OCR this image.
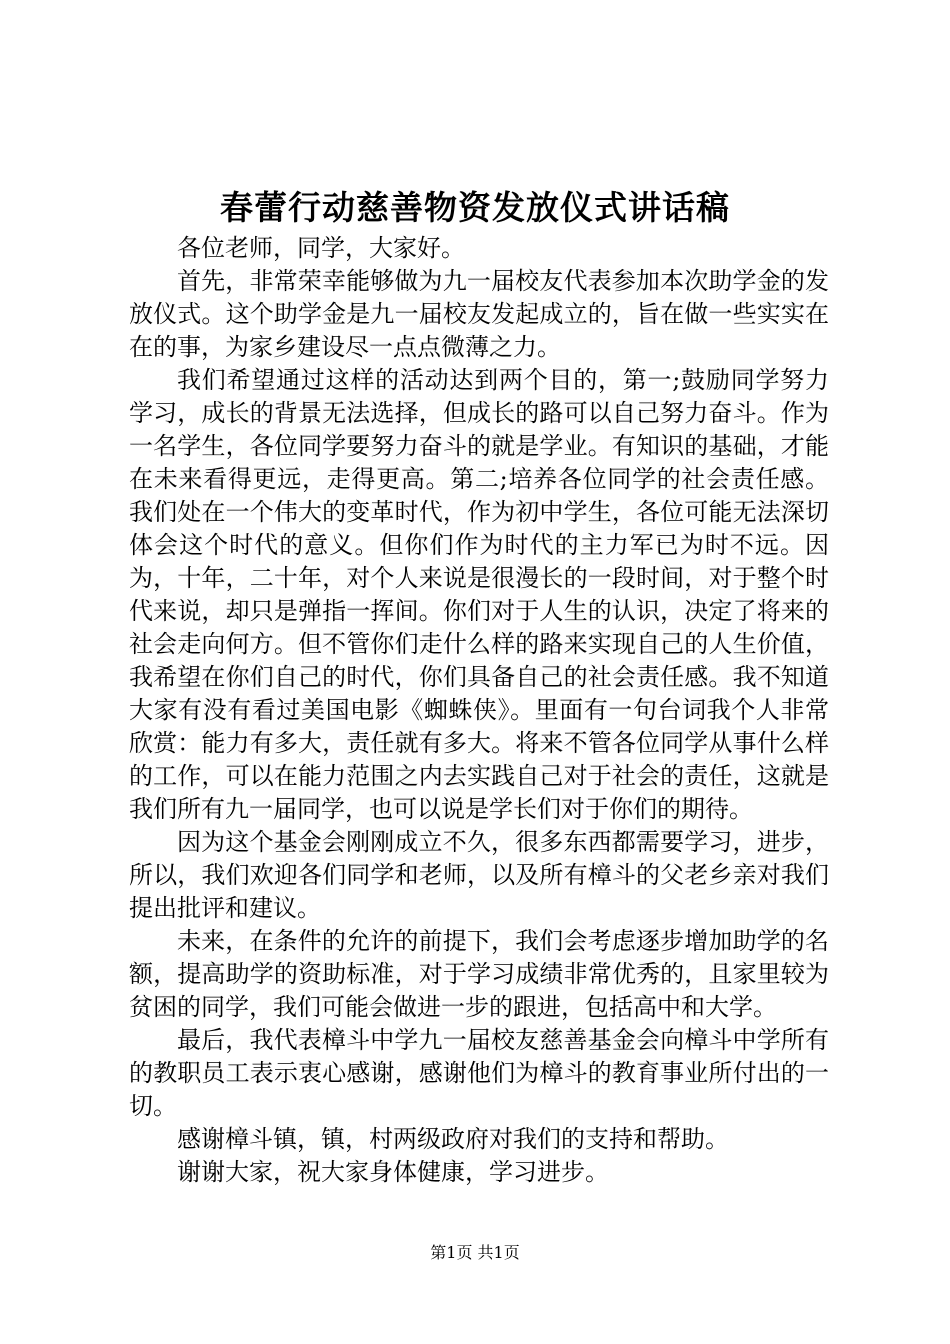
春蕾行动慈善物资发放仪式讲话稿

各位老师，同学，大家好。

首先，非常荣幸能够做为九一届校友代表参加本次助学金的发放仪式。这个助学金是九一届校友发起成立的，旨在做一些实实在在的事，为家乡建设尽一点点微薄之力。

我们希望通过这样的活动达到两个目的，第一;鼓励同学努力学习，成长的背景无法选择，但成长的路可以自己努力奋斗。作为一名学生，各位同学要努力奋斗的就是学业。有知识的基础，才能在未来看得更远，走得更高。第二;培养各位同学的社会责任感。我们处在一个伟大的变革时代，作为初中学生，各位可能无法深切体会这个时代的意义。但你们作为时代的主力军已为时不远。因为，十年，二十年，对个人来说是很漫长的一段时间，对于整个时代来说，却只是弹指一挥间。你们对于人生的认识，决定了将来的社会走向何方。但不管你们走什么样的路来实现自己的人生价值，我希望在你们自己的时代，你们具备自己的社会责任感。我不知道大家有没有看过美国电影《蜘蛛侠》。里面有一句台词我个人非常欣赏：能力有多大，责任就有多大。将来不管各位同学从事什么样的工作，可以在能力范围之内去实践自己对于社会的责任，这就是我们所有九一届同学，也可以说是学长们对于你们的期待。

因为这个基金会刚刚成立不久，很多东西都需要学习，进步，所以，我们欢迎各们同学和老师，以及所有樟斗的父老乡亲对我们提出批评和建议。

未来，在条件的允许的前提下，我们会考虑逐步增加助学的名额，提高助学的资助标准，对于学习成绩非常优秀的，且家里较为贫困的同学，我们可能会做进一步的跟进，包括高中和大学。

最后，我代表樟斗中学九一届校友慈善基金会向樟斗中学所有的教职员工表示衷心感谢，感谢他们为樟斗的教育事业所付出的一切。

感谢樟斗镇，镇，村两级政府对我们的支持和帮助。

谢谢大家，祝大家身体健康，学习进步。

第1页 共1页
